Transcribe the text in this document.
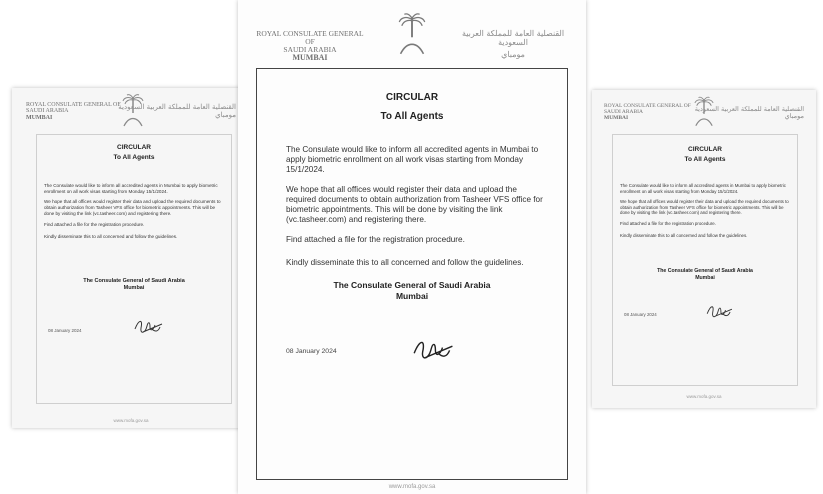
ROYAL CONSULATE GENERAL OF
SAUDI ARABIA
MUMBAI
القنصلية العامة للمملكة العربية السعودية
مومباي
CIRCULAR
To All Agents
The Consulate would like to inform all accredited agents in Mumbai to apply biometric enrollment on all work visas starting from Monday 15/1/2024.
We hope that all offices would register their data and upload the required documents to obtain authorization from Tasheer VFS office for biometric appointments. This will be done by visiting the link (vc.tasheer.com) and registering there.
Find attached a file for the registration procedure.
Kindly disseminate this to all concerned and follow the guidelines.
The Consulate General of Saudi Arabia
Mumbai
08 January 2024
www.mofa.gov.sa
ROYAL CONSULATE GENERAL OF
SAUDI ARABIA
MUMBAI
القنصلية العامة للمملكة العربية السعودية
مومباي
CIRCULAR
To All Agents
The Consulate would like to inform all accredited agents in Mumbai to apply biometric enrollment on all work visas starting from Monday 15/1/2024.
We hope that all offices would register their data and upload the required documents to obtain authorization from Tasheer VFS office for biometric appointments. This will be done by visiting the link (vc.tasheer.com) and registering there.
Find attached a file for the registration procedure.
Kindly disseminate this to all concerned and follow the guidelines.
The Consulate General of Saudi Arabia
Mumbai
08 January 2024
www.mofa.gov.sa
ROYAL CONSULATE GENERAL OF
SAUDI ARABIA
MUMBAI
القنصلية العامة للمملكة العربية السعودية
مومباي
CIRCULAR
To All Agents
The Consulate would like to inform all accredited agents in Mumbai to apply biometric enrollment on all work visas starting from Monday 15/1/2024.
We hope that all offices would register their data and upload the required documents to obtain authorization from Tasheer VFS office for biometric appointments. This will be done by visiting the link (vc.tasheer.com) and registering there.
Find attached a file for the registration procedure.
Kindly disseminate this to all concerned and follow the guidelines.
The Consulate General of Saudi Arabia
Mumbai
08 January 2024
www.mofa.gov.sa
